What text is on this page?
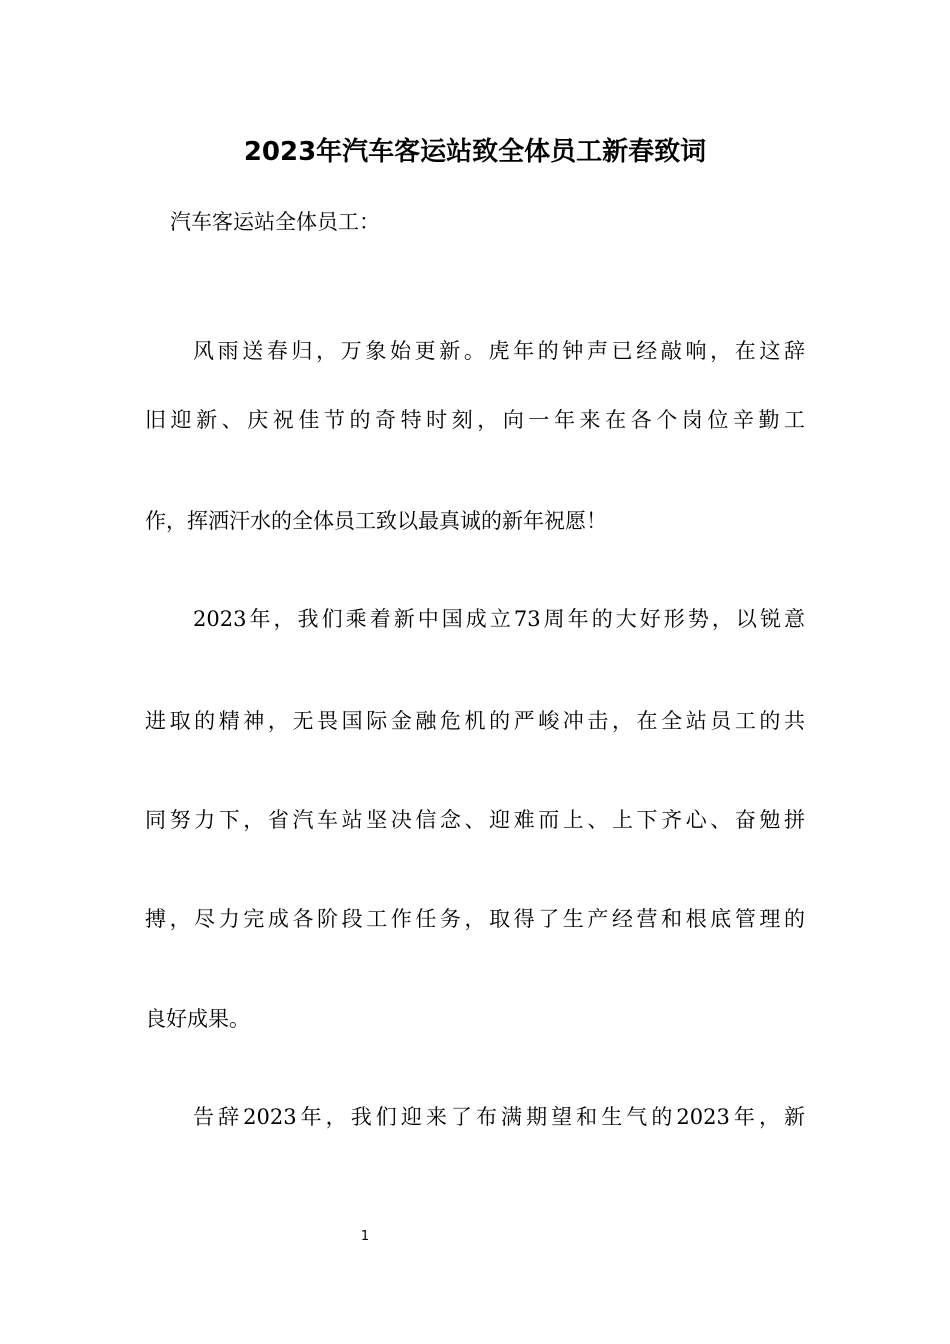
2023年汽车客运站致全体员工新春致词

汽车客运站全体员工：

风雨送春归，万象始更新。虎年的钟声已经敲响，在这辞

旧迎新、庆祝佳节的奇特时刻，向一年来在各个岗位辛勤工

作，挥洒汗水的全体员工致以最真诚的新年祝愿！

2023年，我们乘着新中国成立73周年的大好形势，以锐意

进取的精神，无畏国际金融危机的严峻冲击，在全站员工的共

同努力下，省汽车站坚决信念、迎难而上、上下齐心、奋勉拼

搏，尽力完成各阶段工作任务，取得了生产经营和根底管理的

良好成果。

告辞2023年，我们迎来了布满期望和生气的2023年，新

1
